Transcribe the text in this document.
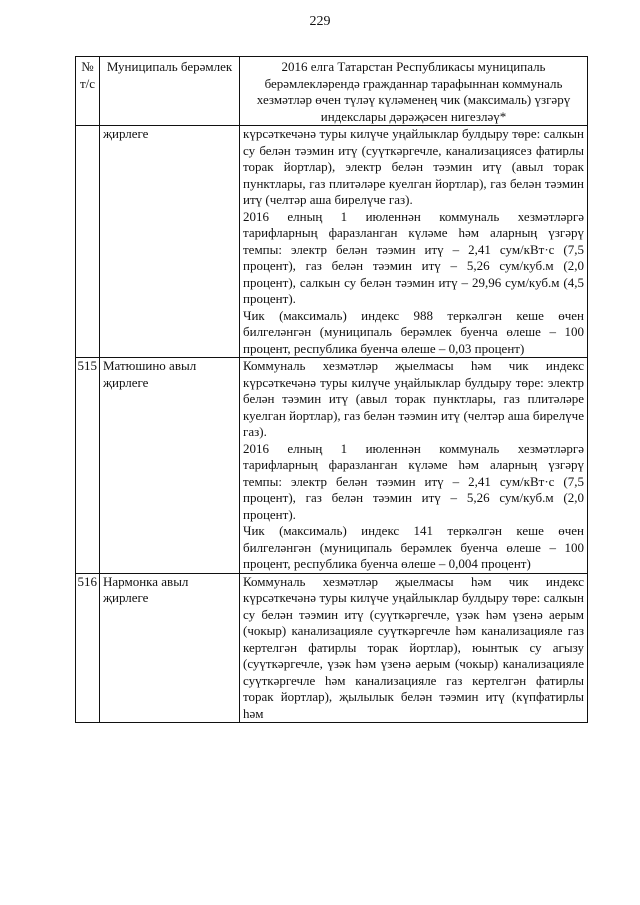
229
№ т/с	Муниципаль берәмлек	2016 елга Татарстан Республикасы муниципаль берәмлекләрендә гражданнар тарафыннан коммуналь хезмәтләр өчен түләү күләменең чик (максималь) үзгәрү индекслары дәрәҗәсен нигезләү*
	җирлеге	күрсәткечәнә туры килүче уңайлыклар булдыру төре: салкын су белән тәэмин итү (суүткәргечле, канализациясез фатирлы торак йортлар), электр белән тәэмин итү (авыл торак пунктлары, газ плитәләре куелган йортлар), газ белән тәэмин итү (челтәр аша бирелүче газ).

2016 елның 1 июленнән коммуналь хезмәтләргә тарифларның фаразланган күләме һәм аларның үзгәрү темпы: электр белән тәэмин итү – 2,41 сум/кВт·с (7,5 процент), газ белән тәэмин итү – 5,26 сум/куб.м (2,0 процент), салкын су белән тәэмин итү – 29,96 сум/куб.м (4,5 процент).

Чик (максималь) индекс 988 теркәлгән кеше өчен билгеләнгән (муниципаль берәмлек буенча өлеше – 100 процент, республика буенча өлеше – 0,03 процент)

515	Матюшино авыл җирлеге	Коммуналь хезмәтләр җыелмасы һәм чик индекс күрсәткечәнә туры килүче уңайлыклар булдыру төре: электр белән тәэмин итү (авыл торак пунктлары, газ плитәләре куелган йортлар), газ белән тәэмин итү (челтәр аша бирелүче газ).

2016 елның 1 июленнән коммуналь хезмәтләргә тарифларның фаразланган күләме һәм аларның үзгәрү темпы: электр белән тәэмин итү – 2,41 сум/кВт·с (7,5 процент), газ белән тәэмин итү – 5,26 сум/куб.м (2,0 процент).

Чик (максималь) индекс 141 теркәлгән кеше өчен билгеләнгән (муниципаль берәмлек буенча өлеше – 100 процент, республика буенча өлеше – 0,004 процент)

516	Нармонка авыл җирлеге	Коммуналь хезмәтләр җыелмасы һәм чик индекс күрсәткечәнә туры килүче уңайлыклар булдыру төре: салкын су белән тәэмин итү (суүткәргечле, үзәк һәм үзенә аерым (чокыр) канализацияле суүткәргечле һәм канализацияле газ кертелгән фатирлы торак йортлар), юынтык су агызу (суүткәргечле, үзәк һәм үзенә аерым (чокыр) канализацияле суүткәргечле һәм канализацияле газ кертелгән фатирлы торак йортлар), җылылык белән тәэмин итү (күпфатирлы һәм
